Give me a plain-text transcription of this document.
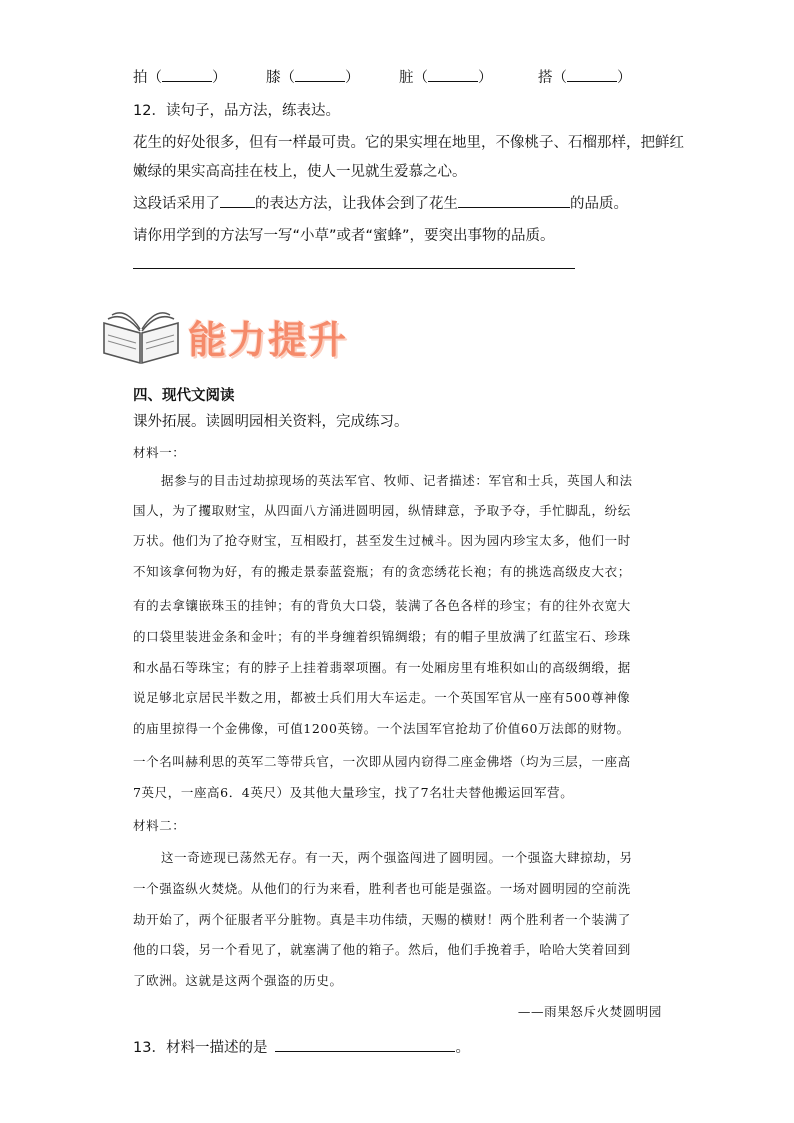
拍（	）	膝（	）	脏（	）	搭（	）
12．读句子，品方法，练表达。
花生的好处很多，但有一样最可贵。它的果实埋在地里，不像桃子、石榴那样，把鲜红
嫩绿的果实高高挂在枝上，使人一见就生爱慕之心。
这段话采用了 的表达方法，让我体会到了花生	的品质。
请你用学到的方法写一写“小草”或者“蜜蜂”，要突出事物的品质。
能力提升
四、现代文阅读
课外拓展。读圆明园相关资料，完成练习。
材料一：
据参与的目击过劫掠现场的英法军官、牧师、记者描述：军官和士兵，英国人和法
国人，为了攫取财宝，从四面八方涌进圆明园，纵情肆意，予取予夺，手忙脚乱，纷纭
万状。他们为了抢夺财宝，互相殴打，甚至发生过械斗。因为园内珍宝太多，他们一时
不知该拿何物为好，有的搬走景泰蓝瓷瓶；有的贪恋绣花长袍；有的挑选高级皮大衣；
有的去拿镶嵌珠玉的挂钟；有的背负大口袋，装满了各色各样的珍宝；有的往外衣宽大
的口袋里装进金条和金叶；有的半身缠着织锦绸缎；有的帽子里放满了红蓝宝石、珍珠
和水晶石等珠宝；有的脖子上挂着翡翠项圈。有一处厢房里有堆积如山的高级绸缎，据
说足够北京居民半数之用，都被士兵们用大车运走。一个英国军官从一座有500尊神像
的庙里掠得一个金佛像，可值1200英镑。一个法国军官抢劫了价值60万法郎的财物。
一个名叫赫利思的英军二等带兵官，一次即从园内窃得二座金佛塔（均为三层，一座高
7英尺，一座高6．4英尺）及其他大量珍宝，找了7名壮夫替他搬运回军营。
材料二：
这一奇迹现已荡然无存。有一天，两个强盗闯进了圆明园。一个强盗大肆掠劫，另
一个强盗纵火焚烧。从他们的行为来看，胜利者也可能是强盗。一场对圆明园的空前洗
劫开始了，两个征服者平分脏物。真是丰功伟绩，天赐的横财！两个胜利者一个装满了
他的口袋，另一个看见了，就塞满了他的箱子。然后，他们手挽着手，哈哈大笑着回到
了欧洲。这就是这两个强盗的历史。
——雨果怒斥火焚圆明园
13．材料一描述的是	。
